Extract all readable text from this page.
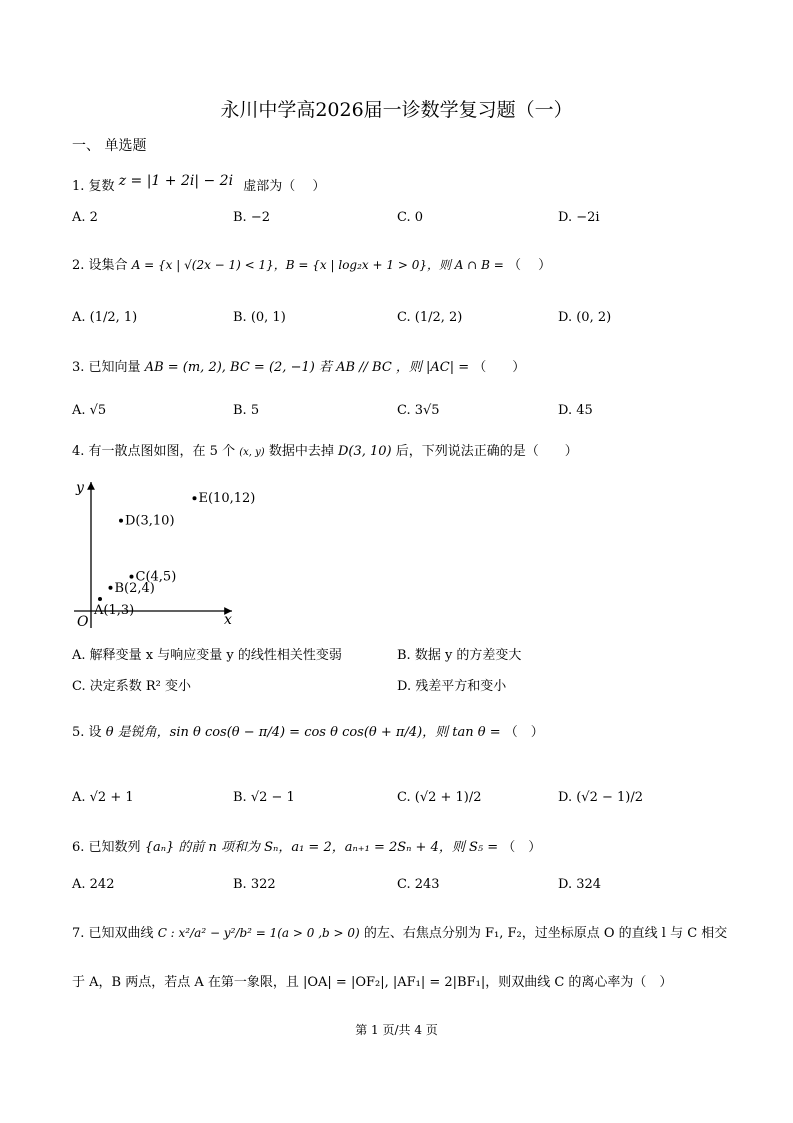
永川中学高2026届一诊数学复习题（一）
一、 单选题
1. 复数 z = |1 + 2i| − 2i 虚部为（　 ）
A. 2	B. −2	C. 0	D. −2i
2. 设集合 A = {x | √(2x − 1) < 1}，B = {x | log₂x + 1 > 0}，则 A ∩ B = （　 ）
A. (1/2, 1)	B. (0, 1)	C. (1/2, 2)	D. (0, 2)
3. 已知向量 AB = (m, 2), BC = (2, −1) 若 AB // BC ，则 |AC| = （　　）
A. √5	B. 5	C. 3√5	D. 45
4. 有一散点图如图，在 5 个 (x, y) 数据中去掉 D(3, 10) 后，下列说法正确的是（　　）
x
y
O
A(1,3)
B(2,4)
C(4,5)
D(3,10)
E(10,12)
A. 解释变量 x 与响应变量 y 的线性相关性变弱	B. 数据 y 的方差变大
C. 决定系数 R² 变小	D. 残差平方和变小
5. 设 θ 是锐角，sin θ cos(θ − π/4) = cos θ cos(θ + π/4)，则 tan θ = （　）
A. √2 + 1	B. √2 − 1	C. (√2 + 1)/2	D. (√2 − 1)/2
6. 已知数列 {aₙ} 的前 n 项和为 Sₙ，a₁ = 2，aₙ₊₁ = 2Sₙ + 4，则 S₅ = （　）
A. 242	B. 322	C. 243	D. 324
7. 已知双曲线 C : x²/a² − y²/b² = 1(a > 0 ,b > 0) 的左、右焦点分别为 F₁, F₂，过坐标原点 O 的直线 l 与 C 相交
于 A，B 两点，若点 A 在第一象限，且 |OA| = |OF₂|, |AF₁| = 2|BF₁|，则双曲线 C 的离心率为（　）
第 1 页/共 4 页
